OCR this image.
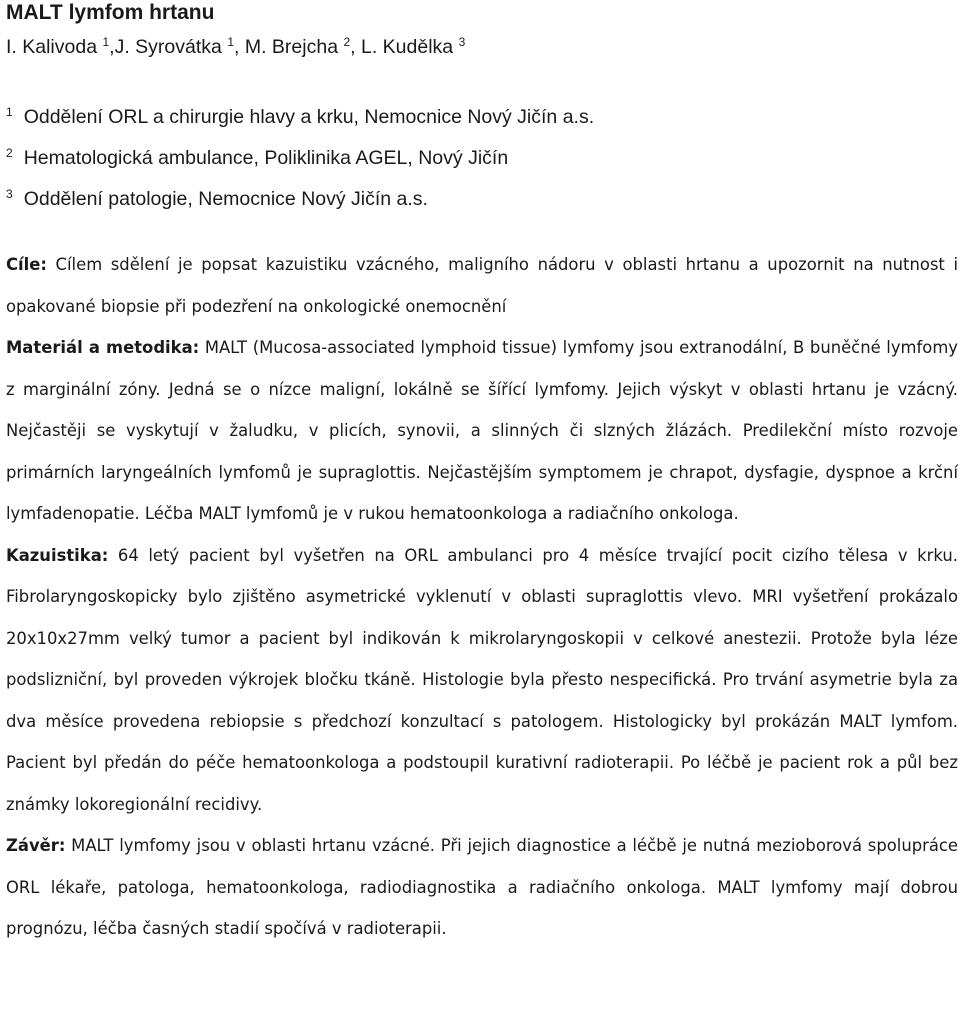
MALT lymfom hrtanu
I. Kalivoda $^1$,J. Syrovátka $^1$, M. Brejcha $^2$, L. Kudělka $^3$
$^1$ Oddělení ORL a chirurgie hlavy a krku, Nemocnice Nový Jičín a.s.
$^2$ Hematologická ambulance, Poliklinika AGEL, Nový Jičín
$^3$ Oddělení patologie, Nemocnice Nový Jičín a.s.

Cíle: Cílem sdělení je popsat kazuistiku vzácného, maligního nádoru v oblasti hrtanu a upozornit na nutnost i opakované biopsie při podezření na onkologické onemocnění

Materiál a metodika: MALT (Mucosa-associated lymphoid tissue) lymfomy jsou extranodální, B buněčné lymfomy z marginální zóny. Jedná se o nízce maligní, lokálně se šířící lymfomy. Jejich výskyt v oblasti hrtanu je vzácný. Nejčastěji se vyskytují v žaludku, v plicích, synovii, a slinných či slzných žlázách. Predilekční místo rozvoje primárních laryngeálních lymfomů je supraglottis. Nejčastějším symptomem je chrapot, dysfagie, dyspnoe a krční lymfadenopatie. Léčba MALT lymfomů je v rukou hematoonkologa a radiačního onkologa.

Kazuistika: 64 letý pacient byl vyšetřen na ORL ambulanci pro 4 měsíce trvající pocit cizího tělesa v krku. Fibrolaryngoskopicky bylo zjištěno asymetrické vyklenutí v oblasti supraglottis vlevo. MRI vyšetření prokázalo 20x10x27mm velký tumor a pacient byl indikován k mikrolaryngoskopii v celkové anestezii. Protože byla léze podslizniční, byl proveden výkrojek bločku tkáně. Histologie byla přesto nespecifická. Pro trvání asymetrie byla za dva měsíce provedena rebiopsie s předchozí konzultací s patologem. Histologicky byl prokázán MALT lymfom. Pacient byl předán do péče hematoonkologa a podstoupil kurativní radioterapii. Po léčbě je pacient rok a půl bez známky lokoregionální recidivy.

Závěr: MALT lymfomy jsou v oblasti hrtanu vzácné. Při jejich diagnostice a léčbě je nutná mezioborová spolupráce ORL lékaře, patologa, hematoonkologa, radiodiagnostika a radiačního onkologa. MALT lymfomy mají dobrou prognózu, léčba časných stadií spočívá v radioterapii.
